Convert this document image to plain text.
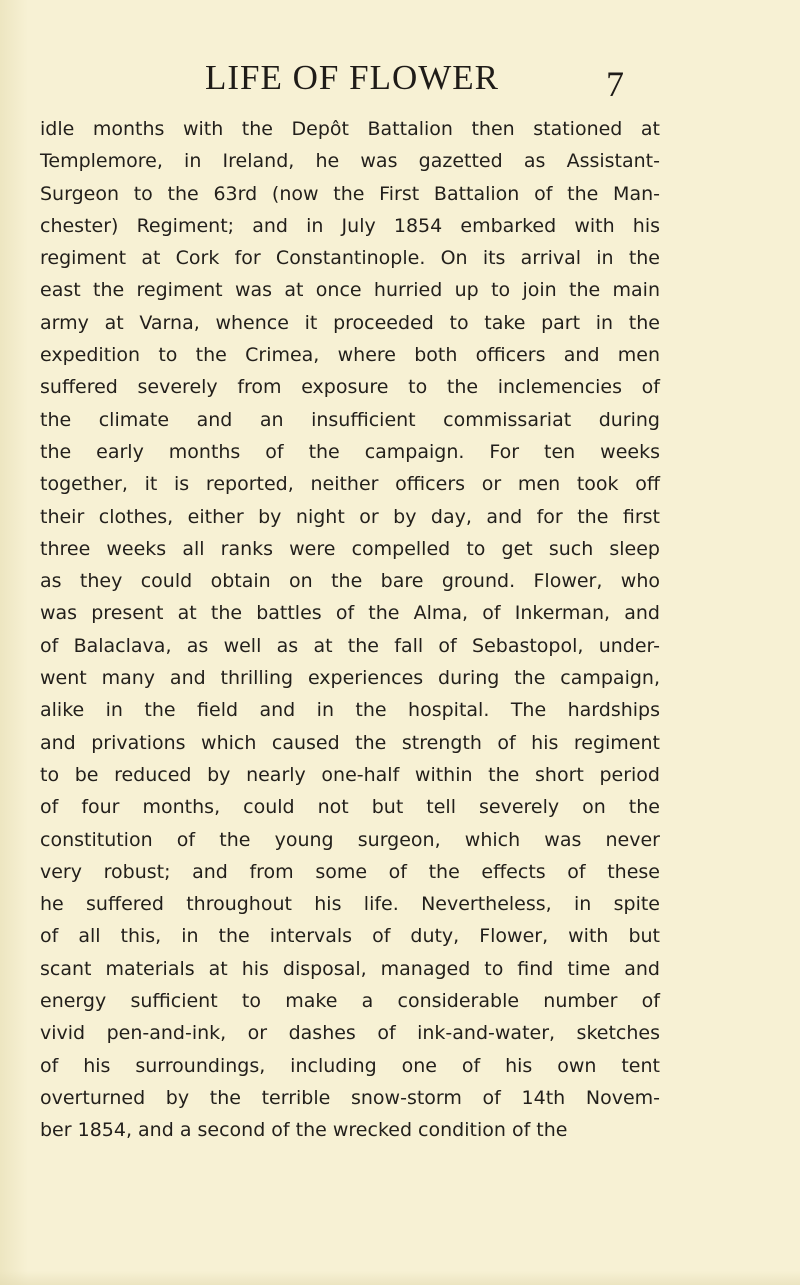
LIFE OF FLOWER	7
idle months with the Depôt Battalion then stationed at
Templemore, in Ireland, he was gazetted as Assistant-
Surgeon to the 63rd (now the First Battalion of the Man-
chester) Regiment; and in July 1854 embarked with his
regiment at Cork for Constantinople. On its arrival in the
east the regiment was at once hurried up to join the main
army at Varna, whence it proceeded to take part in the
expedition to the Crimea, where both officers and men
suffered severely from exposure to the inclemencies of
the climate and an insufficient commissariat during
the early months of the campaign. For ten weeks
together, it is reported, neither officers or men took off
their clothes, either by night or by day, and for the first
three weeks all ranks were compelled to get such sleep
as they could obtain on the bare ground. Flower, who
was present at the battles of the Alma, of Inkerman, and
of Balaclava, as well as at the fall of Sebastopol, under-
went many and thrilling experiences during the campaign,
alike in the field and in the hospital. The hardships
and privations which caused the strength of his regiment
to be reduced by nearly one-half within the short period
of four months, could not but tell severely on the
constitution of the young surgeon, which was never
very robust; and from some of the effects of these
he suffered throughout his life. Nevertheless, in spite
of all this, in the intervals of duty, Flower, with but
scant materials at his disposal, managed to find time and
energy sufficient to make a considerable number of
vivid pen-and-ink, or dashes of ink-and-water, sketches
of his surroundings, including one of his own tent
overturned by the terrible snow-storm of 14th Novem-
ber 1854, and a second of the wrecked condition of the
